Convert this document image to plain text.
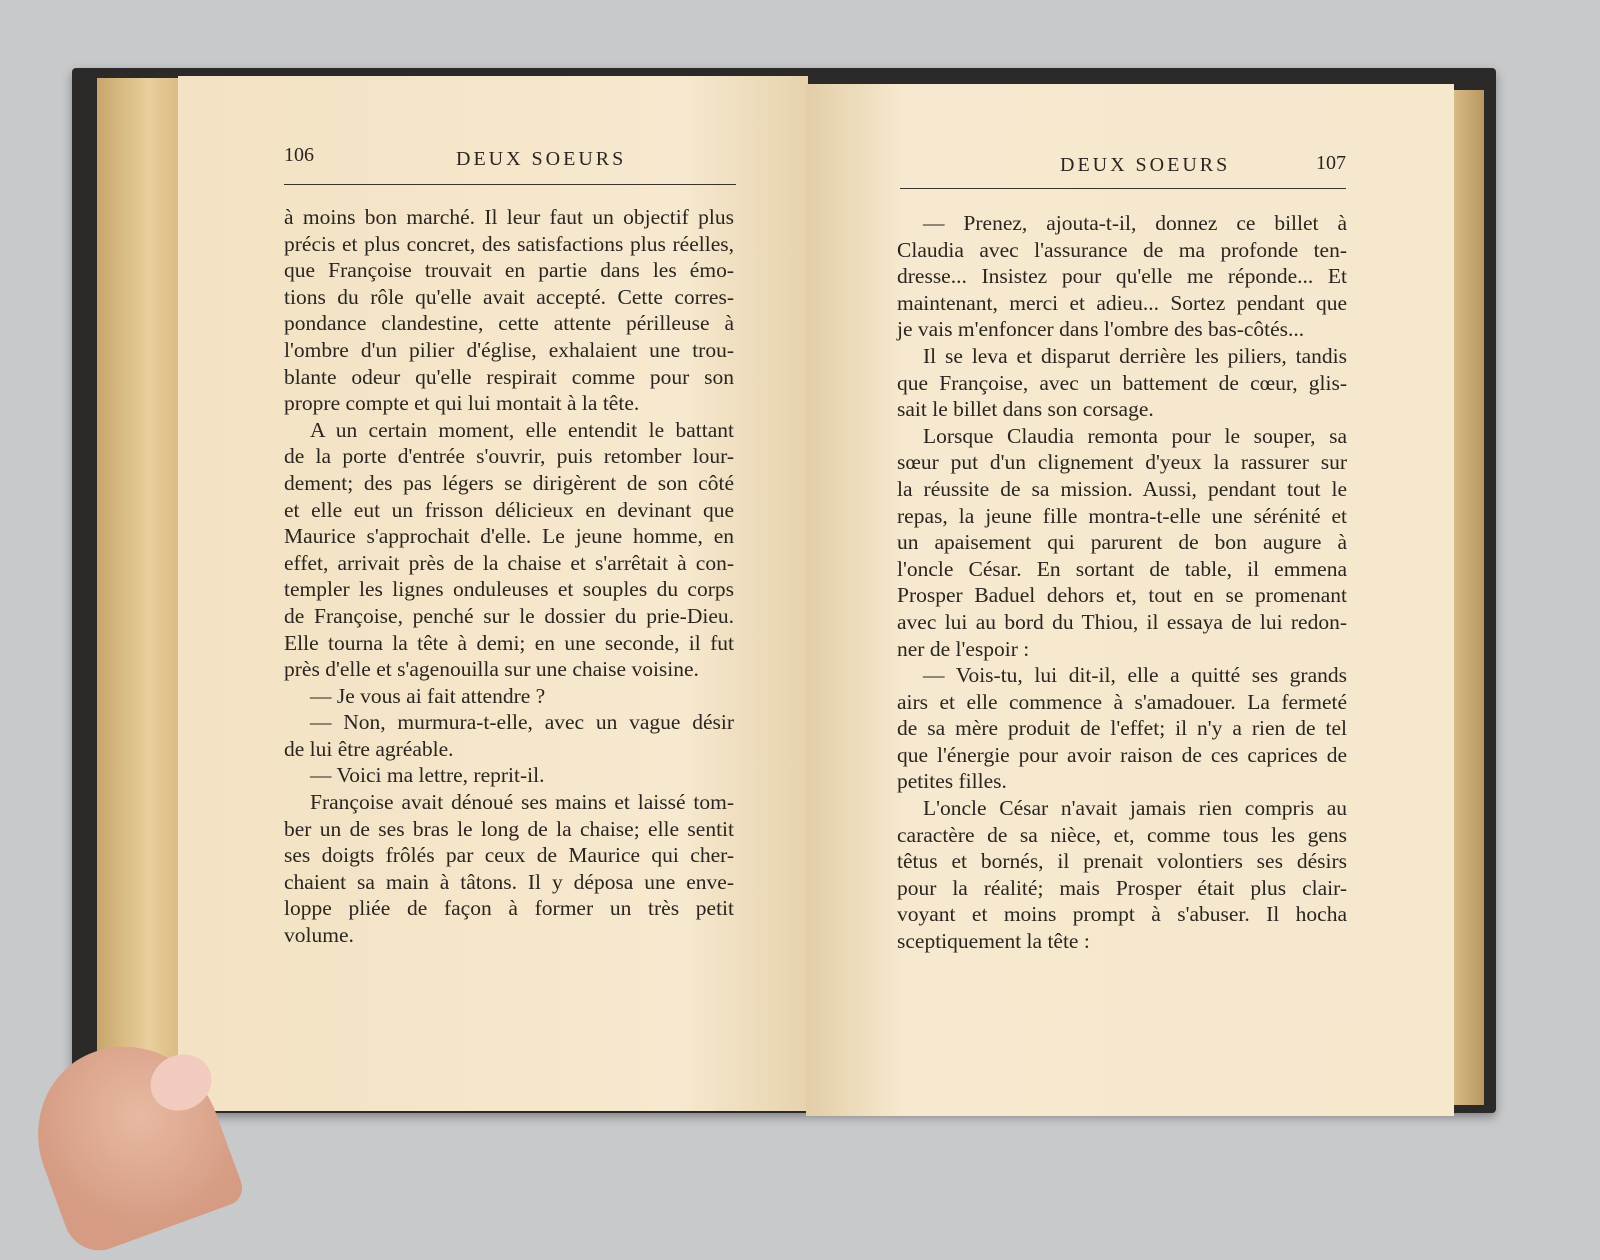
106	DEUX SOEURS
à moins bon marché. Il leur faut un objectif plus
précis et plus concret, des satisfactions plus réelles,
que Françoise trouvait en partie dans les émo-
tions du rôle qu'elle avait accepté. Cette corres-
pondance clandestine, cette attente périlleuse à
l'ombre d'un pilier d'église, exhalaient une trou-
blante odeur qu'elle respirait comme pour son
propre compte et qui lui montait à la tête.
A un certain moment, elle entendit le battant
de la porte d'entrée s'ouvrir, puis retomber lour-
dement; des pas légers se dirigèrent de son côté
et elle eut un frisson délicieux en devinant que
Maurice s'approchait d'elle. Le jeune homme, en
effet, arrivait près de la chaise et s'arrêtait à con-
templer les lignes onduleuses et souples du corps
de Françoise, penché sur le dossier du prie-Dieu.
Elle tourna la tête à demi; en une seconde, il fut
près d'elle et s'agenouilla sur une chaise voisine.
— Je vous ai fait attendre ?
— Non, murmura-t-elle, avec un vague désir
de lui être agréable.
— Voici ma lettre, reprit-il.
Françoise avait dénoué ses mains et laissé tom-
ber un de ses bras le long de la chaise; elle sentit
ses doigts frôlés par ceux de Maurice qui cher-
chaient sa main à tâtons. Il y déposa une enve-
loppe pliée de façon à former un très petit
volume.
DEUX SOEURS	107
— Prenez, ajouta-t-il, donnez ce billet à
Claudia avec l'assurance de ma profonde ten-
dresse... Insistez pour qu'elle me réponde... Et
maintenant, merci et adieu... Sortez pendant que
je vais m'enfoncer dans l'ombre des bas-côtés...
Il se leva et disparut derrière les piliers, tandis
que Françoise, avec un battement de cœur, glis-
sait le billet dans son corsage.
Lorsque Claudia remonta pour le souper, sa
sœur put d'un clignement d'yeux la rassurer sur
la réussite de sa mission. Aussi, pendant tout le
repas, la jeune fille montra-t-elle une sérénité et
un apaisement qui parurent de bon augure à
l'oncle César. En sortant de table, il emmena
Prosper Baduel dehors et, tout en se promenant
avec lui au bord du Thiou, il essaya de lui redon-
ner de l'espoir :
— Vois-tu, lui dit-il, elle a quitté ses grands
airs et elle commence à s'amadouer. La fermeté
de sa mère produit de l'effet; il n'y a rien de tel
que l'énergie pour avoir raison de ces caprices de
petites filles.
L'oncle César n'avait jamais rien compris au
caractère de sa nièce, et, comme tous les gens
têtus et bornés, il prenait volontiers ses désirs
pour la réalité; mais Prosper était plus clair-
voyant et moins prompt à s'abuser. Il hocha
sceptiquement la tête :
